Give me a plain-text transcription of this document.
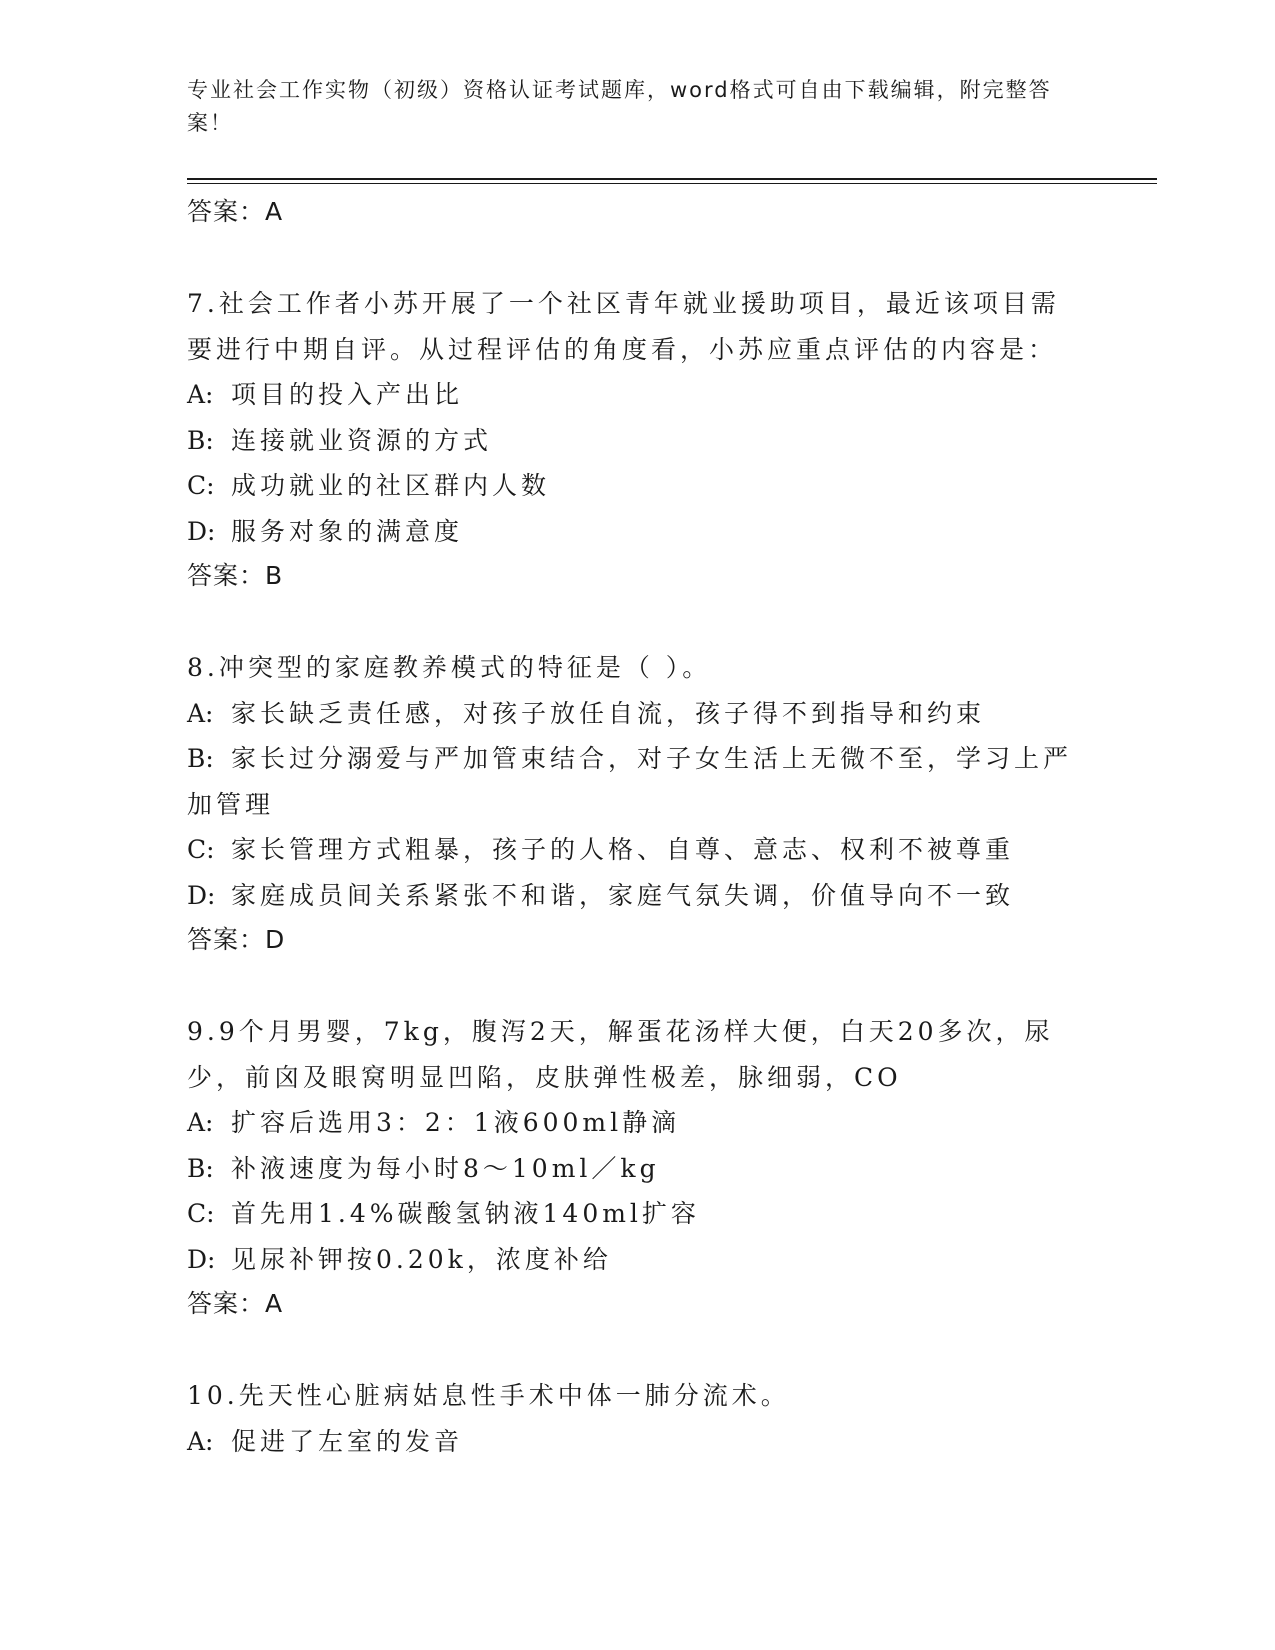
专业社会工作实物（初级）资格认证考试题库，word格式可自由下载编辑，附完整答案！

答案：A

7.社会工作者小苏开展了一个社区青年就业援助项目，最近该项目需要进行中期自评。从过程评估的角度看，小苏应重点评估的内容是：

A: 项目的投入产出比

B: 连接就业资源的方式

C: 成功就业的社区群内人数

D: 服务对象的满意度

答案：B

8.冲突型的家庭教养模式的特征是（ ）。

A: 家长缺乏责任感，对孩子放任自流，孩子得不到指导和约束

B: 家长过分溺爱与严加管束结合，对子女生活上无微不至，学习上严加管理

C: 家长管理方式粗暴，孩子的人格、自尊、意志、权利不被尊重

D: 家庭成员间关系紧张不和谐，家庭气氛失调，价值导向不一致

答案：D

9.9个月男婴，7kg，腹泻2天，解蛋花汤样大便，白天20多次，尿少，前囟及眼窝明显凹陷，皮肤弹性极差，脉细弱，CO

A: 扩容后选用3：2：1液600ml静滴

B: 补液速度为每小时8～10ml／kg

C: 首先用1.4%碳酸氢钠液140ml扩容

D: 见尿补钾按0.20k，浓度补给

答案：A

10.先天性心脏病姑息性手术中体一肺分流术。

A: 促进了左室的发音
